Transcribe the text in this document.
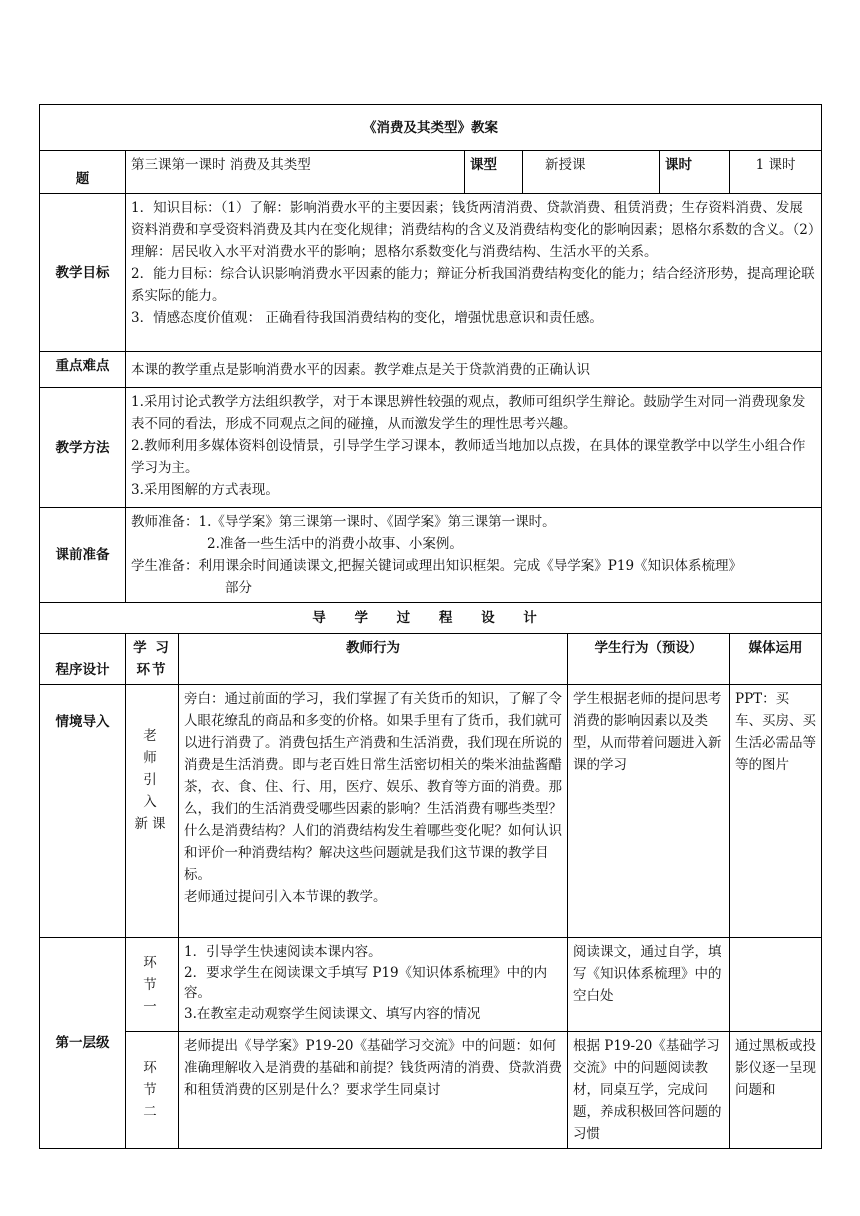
《消费及其类型》教案							
题	第三课第一课时 消费及其类型		课型	新授课		课时	1 课时
教学目标	1．知识目标：（1）了解：影响消费水平的主要因素；钱货两清消费、贷款消费、租赁消费；生存资料消费、发展资料消费和享受资料消费及其内在变化规律；消费结构的含义及消费结构变化的影响因素；恩格尔系数的含义。（2）理解：居民收入水平对消费水平的影响；恩格尔系数变化与消费结构、生活水平的关系。

2．能力目标：综合认识影响消费水平因素的能力；辩证分析我国消费结构变化的能力；结合经济形势，提高理论联系实际的能力。

3．情感态度价值观： 正确看待我国消费结构的变化，增强忧患意识和责任感。						

重点难点	本课的教学重点是影响消费水平的因素。教学难点是关于贷款消费的正确认识						
教学方法	1.采用讨论式教学方法组织教学，对于本课思辨性较强的观点，教师可组织学生辩论。鼓励学生对同一消费现象发表不同的看法，形成不同观点之间的碰撞，从而激发学生的理性思考兴趣。

2.教师利用多媒体资料创设情景，引导学生学习课本，教师适当地加以点拨，在具体的课堂教学中以学生小组合作学习为主。

3.采用图解的方式表现。						

课前准备	教师准备：1.《导学案》第三课第一课时、《固学案》第三课第一课时。

2.准备一些生活中的消费小故事、小案例。

学生准备：利用课余时间通读课文,把握关键词或理出知识框架。完成《导学案》P19《知识体系梳理》

部分						

导 学 过 程 设 计							
程序设计	学 习 环节	教师行为			学生行为（预设）		媒体运用
情境导入	老 师 引 入 新课	旁白：通过前面的学习，我们掌握了有关货币的知识，了解了令人眼花缭乱的商品和多变的价格。如果手里有了货币，我们就可以进行消费了。消费包括生产消费和生活消费，我们现在所说的消费是生活消费。即与老百姓日常生活密切相关的柴米油盐酱醋茶，衣、食、住、行、用，医疗、娱乐、教育等方面的消费。那么，我们的生活消费受哪些因素的影响？生活消费有哪些类型？什么是消费结构？人们的消费结构发生着哪些变化呢？如何认识和评价一种消费结构？解决这些问题就是我们这节课的教学目标。

老师通过提问引入本节课的教学。			学生根据老师的提问思考消费的影响因素以及类型，从而带着问题进入新课的学习		PPT：买车、买房、买生活必需品等等的图片
第一层级	环 节 一	1．引导学生快速阅读本课内容。

2．要求学生在阅读课文手填写 P19《知识体系梳理》中的内容。

3.在教室走动观察学生阅读课文、填写内容的情况			阅读课文，通过自学，填写《知识体系梳理》中的空白处		
	环 节 二	老师提出《导学案》P19-20《基础学习交流》中的问题：如何准确理解收入是消费的基础和前提？钱货两清的消费、贷款消费和租赁消费的区别是什么？要求学生同桌讨			根据 P19-20《基础学习交流》中的问题阅读教材，同桌互学，完成问题，养成积极回答问题的习惯		通过黑板或投影仪逐一呈现问题和
